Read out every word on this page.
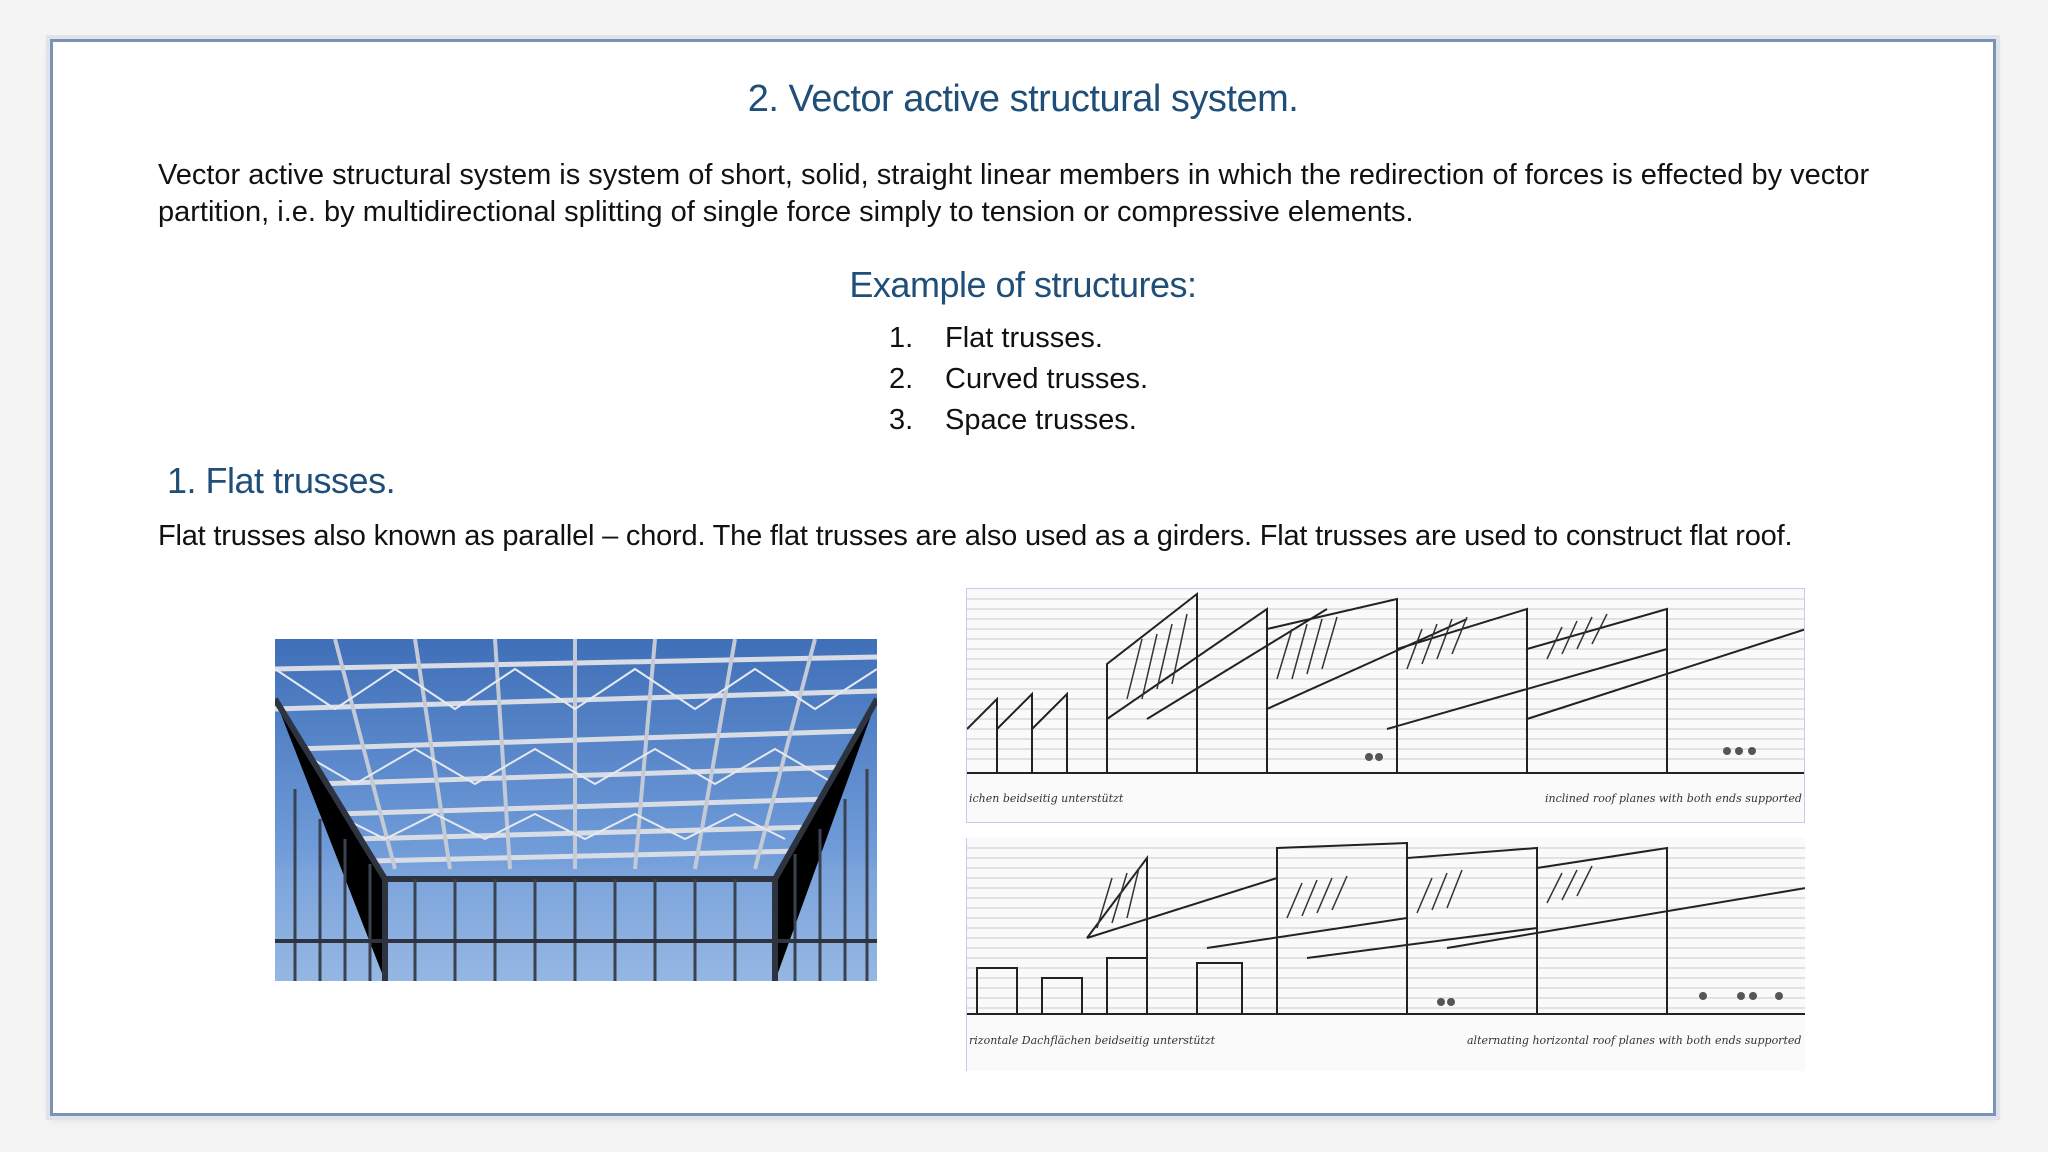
2. Vector active structural system.

Vector active structural system is system of short, solid, straight linear members in which the redirection of forces is effected by vector partition, i.e. by multidirectional splitting of single force simply to tension or compressive elements.

Example of structures:
1.	Flat trusses.
2.	Curved trusses.
3.	Space trusses.
1. Flat trusses.

Flat trusses also known as parallel – chord. The flat trusses are also used as a girders. Flat trusses are used to construct flat roof.

ichen beidseitig unterstützt	inclined roof planes with both ends supported
rizontale Dachflächen beidseitig unterstützt	alternating horizontal roof planes with both ends supported
